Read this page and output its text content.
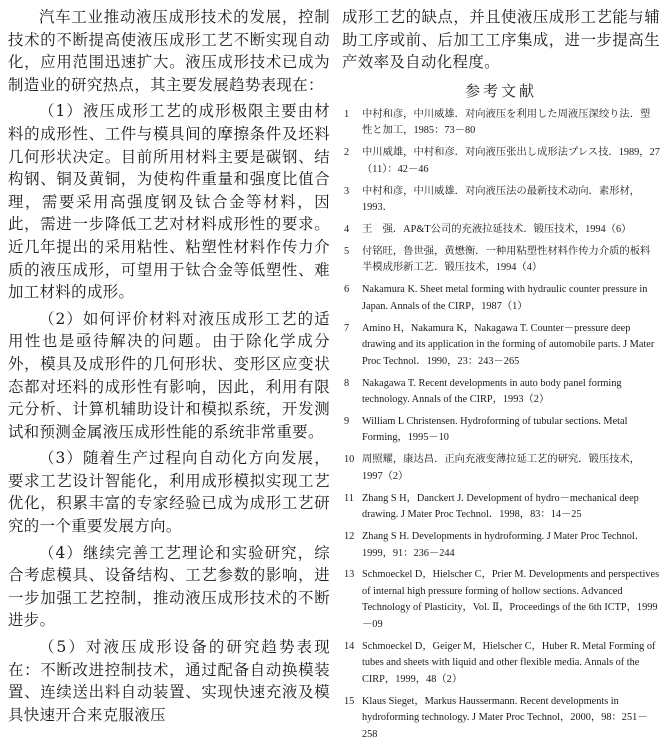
汽车工业推动液压成形技术的发展，控制技术的不断提高使液压成形工艺不断实现自动化，应用范围迅速扩大。液压成形技术已成为制造业的研究热点，其主要发展趋势表现在：

（1）液压成形工艺的成形极限主要由材料的成形性、工件与模具间的摩擦条件及坯料几何形状决定。目前所用材料主要是碳钢、结构钢、铜及黄铜，为使构件重量和强度比值合理，需要采用高强度钢及钛合金等材料，因此，需进一步降低工艺对材料成形性的要求。近几年提出的采用粘性、粘塑性材料作传力介质的液压成形，可望用于钛合金等低塑性、难加工材料的成形。

（2）如何评价材料对液压成形工艺的适用性也是亟待解决的问题。由于除化学成分外，模具及成形件的几何形状、变形区应变状态都对坯料的成形性有影响，因此，利用有限元分析、计算机辅助设计和模拟系统，开发测试和预测金属液压成形性能的系统非常重要。

（3）随着生产过程向自动化方向发展，要求工艺设计智能化，利用成形模拟实现工艺优化，积累丰富的专家经验已成为成形工艺研究的一个重要发展方向。

（4）继续完善工艺理论和实验研究，综合考虑模具、设备结构、工艺参数的影响，进一步加强工艺控制，推动液压成形技术的不断进步。

（5）对液压成形设备的研究趋势表现在：不断改进控制技术，通过配备自动换模装置、连续送出料自动装置、实现快速充液及模具快速开合来克服液压

成形工艺的缺点，并且使液压成形工艺能与辅助工序或前、后加工工序集成，进一步提高生产效率及自动化程度。

参考文献
1 中村和彦，中川威雄．对向液压を利用した周液压深绞り法．塑性と加工，1985：73－80
2 中川威雄，中村和彦．对向液压张出し成形法プレス技．1989，27（11）：42－46
3 中村和彦，中川威雄．对向液压法の最新技术动向．素形材，1993．
4 王　强．AP&T公司的充液拉延技术．锻压技术，1994（6）
5 付铭旺，鲁世强，黄懋衡．一种用粘塑性材料作传力介质的板料半模成形新工艺．锻压技术，1994（4）
6 Nakamura K. Sheet metal forming with hydraulic counter pressure in Japan. Annals of the CIRP，1987（1）
7 Amino H，Nakamura K，Nakagawa T. Counter－pressure deep drawing and its application in the forming of automobile parts. J Mater Proc Technol．1990，23：243－265
8 Nakagawa T. Recent developments in auto body panel forming technology. Annals of the CIRP，1993（2）
9 William L Christensen. Hydroforming of tubular sections. Metal Forming，1995－10
10 周照耀，康达昌．正向充液变薄拉延工艺的研究．锻压技术，1997（2）
11 Zhang S H，Danckert J. Development of hydro－mechanical deep drawing. J Mater Proc Technol．1998，83：14－25
12 Zhang S H. Developments in hydroforming. J Mater Proc Technol．1999，91：236－244
13 Schmoeckel D，Hielscher C，Prier M. Developments and perspectives of internal high pressure forming of hollow sections. Advanced Technology of Plasticity，Vol. Ⅱ，Proceedings of the 6th ICTP，1999－09
14 Schmoeckel D，Geiger M，Hielscher C，Huber R. Metal Forming of tubes and sheets with liquid and other flexible media. Annals of the CIRP，1999，48（2）
15 Klaus Sieget，Markus Haussermann. Recent developments in hydroforming technology. J Mater Proc Technol，2000，98：251－258
